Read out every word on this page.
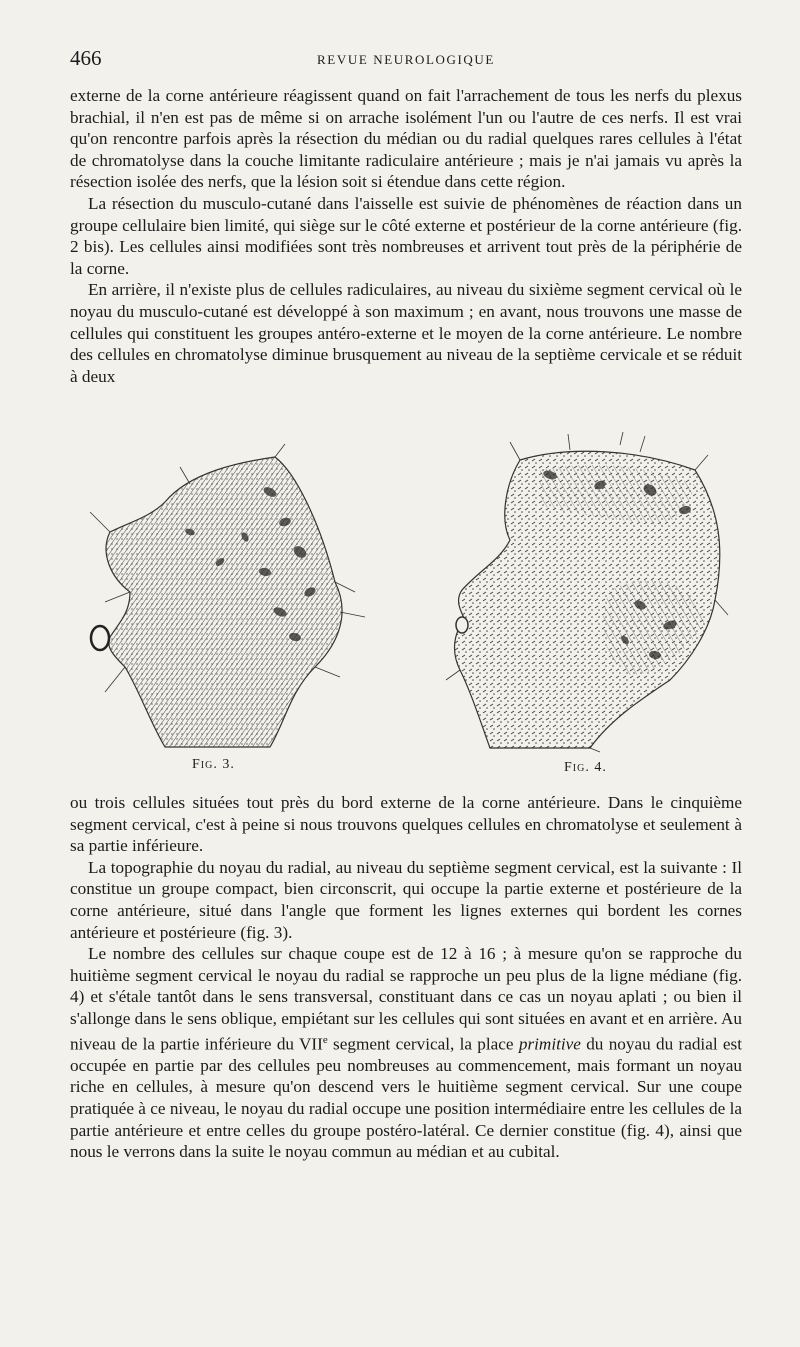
466	REVUE NEUROLOGIQUE

externe de la corne antérieure réagissent quand on fait l'arrachement de tous les nerfs du plexus brachial, il n'en est pas de même si on arrache isolément l'un ou l'autre de ces nerfs. Il est vrai qu'on rencontre parfois après la résection du médian ou du radial quelques rares cellules à l'état de chromatolyse dans la couche limitante radiculaire antérieure ; mais je n'ai jamais vu après la résection isolée des nerfs, que la lésion soit si étendue dans cette région.

La résection du musculo-cutané dans l'aisselle est suivie de phénomènes de réaction dans un groupe cellulaire bien limité, qui siège sur le côté externe et postérieur de la corne antérieure (fig. 2 bis). Les cellules ainsi modifiées sont très nombreuses et arrivent tout près de la périphérie de la corne.

En arrière, il n'existe plus de cellules radiculaires, au niveau du sixième segment cervical où le noyau du musculo-cutané est développé à son maximum ; en avant, nous trouvons une masse de cellules qui constituent les groupes antéro-externe et le moyen de la corne antérieure. Le nombre des cellules en chromatolyse diminue brusquement au niveau de la septième cervicale et se réduit à deux

Fig. 3.	Fig. 4.

ou trois cellules situées tout près du bord externe de la corne antérieure. Dans le cinquième segment cervical, c'est à peine si nous trouvons quelques cellules en chromatolyse et seulement à sa partie inférieure.

La topographie du noyau du radial, au niveau du septième segment cervical, est la suivante : Il constitue un groupe compact, bien circonscrit, qui occupe la partie externe et postérieure de la corne antérieure, situé dans l'angle que forment les lignes externes qui bordent les cornes antérieure et postérieure (fig. 3).

Le nombre des cellules sur chaque coupe est de 12 à 16 ; à mesure qu'on se rapproche du huitième segment cervical le noyau du radial se rapproche un peu plus de la ligne médiane (fig. 4) et s'étale tantôt dans le sens transversal, constituant dans ce cas un noyau aplati ; ou bien il s'allonge dans le sens oblique, empiétant sur les cellules qui sont situées en avant et en arrière. Au niveau de la partie inférieure du VIIe segment cervical, la place primitive du noyau du radial est occupée en partie par des cellules peu nombreuses au commencement, mais formant un noyau riche en cellules, à mesure qu'on descend vers le huitième segment cervical. Sur une coupe pratiquée à ce niveau, le noyau du radial occupe une position intermédiaire entre les cellules de la partie antérieure et entre celles du groupe postéro-latéral. Ce dernier constitue (fig. 4), ainsi que nous le verrons dans la suite le noyau commun au médian et au cubital.
